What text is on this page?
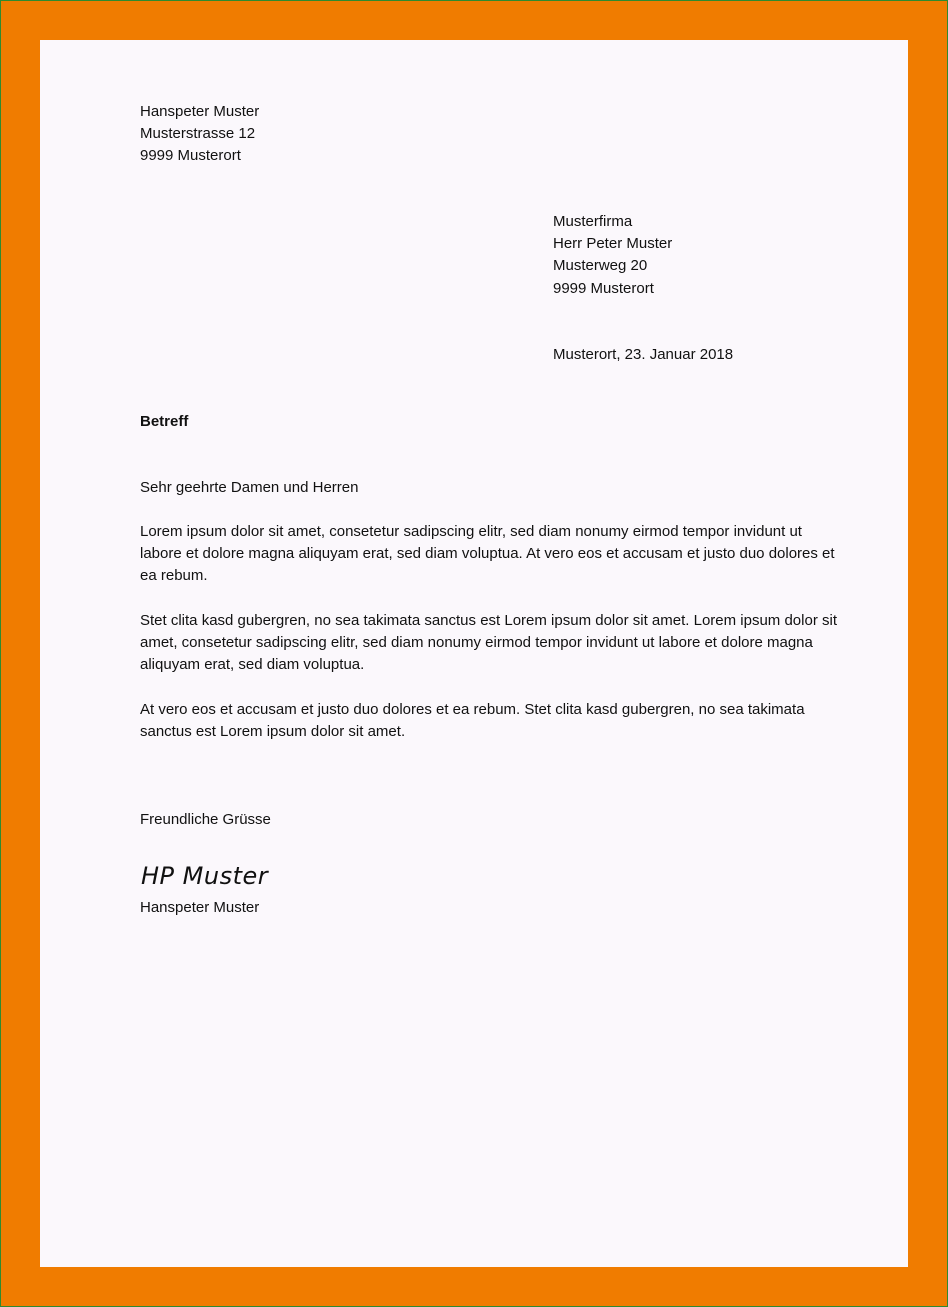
Hanspeter Muster
Musterstrasse 12
9999 Musterort
Musterfirma
Herr Peter Muster
Musterweg 20
9999 Musterort
Musterort, 23. Januar 2018
Betreff
Sehr geehrte Damen und Herren

Lorem ipsum dolor sit amet, consetetur sadipscing elitr, sed diam nonumy eirmod tempor invidunt ut labore et dolore magna aliquyam erat, sed diam voluptua. At vero eos et accusam et justo duo dolores et ea rebum.

Stet clita kasd gubergren, no sea takimata sanctus est Lorem ipsum dolor sit amet. Lorem ipsum dolor sit amet, consetetur sadipscing elitr, sed diam nonumy eirmod tempor invidunt ut labore et dolore magna aliquyam erat, sed diam voluptua.

At vero eos et accusam et justo duo dolores et ea rebum. Stet clita kasd gubergren, no sea takimata sanctus est Lorem ipsum dolor sit amet.

Freundliche Grüsse
HP Muster
Hanspeter Muster
